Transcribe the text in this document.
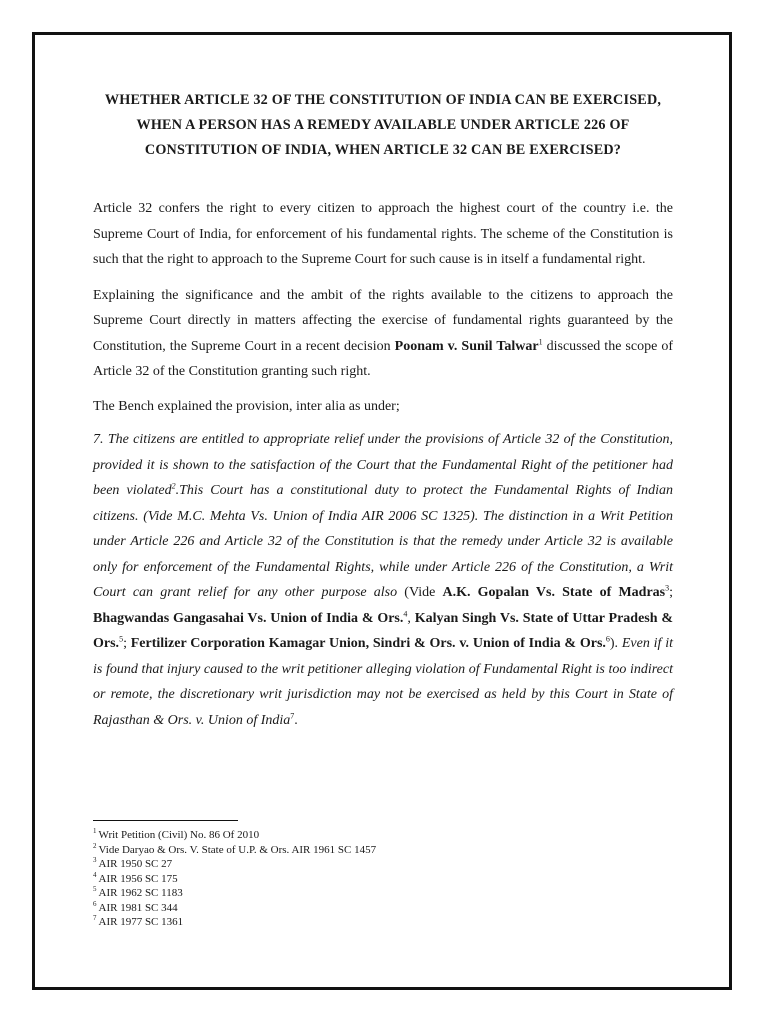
WHETHER ARTICLE 32 OF THE CONSTITUTION OF INDIA CAN BE EXERCISED, WHEN A PERSON HAS A REMEDY AVAILABLE UNDER ARTICLE 226 OF CONSTITUTION OF INDIA, WHEN ARTICLE 32 CAN BE EXERCISED?

Article 32 confers the right to every citizen to approach the highest court of the country i.e. the Supreme Court of India, for enforcement of his fundamental rights. The scheme of the Constitution is such that the right to approach to the Supreme Court for such cause is in itself a fundamental right.

Explaining the significance and the ambit of the rights available to the citizens to approach the Supreme Court directly in matters affecting the exercise of fundamental rights guaranteed by the Constitution, the Supreme Court in a recent decision Poonam v. Sunil Talwar$^1$ discussed the scope of Article 32 of the Constitution granting such right.

The Bench explained the provision, inter alia as under;

7. The citizens are entitled to appropriate relief under the provisions of Article 32 of the Constitution, provided it is shown to the satisfaction of the Court that the Fundamental Right of the petitioner had been violated$^2$.This Court has a constitutional duty to protect the Fundamental Rights of Indian citizens. (Vide M.C. Mehta Vs. Union of India AIR 2006 SC 1325). The distinction in a Writ Petition under Article 226 and Article 32 of the Constitution is that the remedy under Article 32 is available only for enforcement of the Fundamental Rights, while under Article 226 of the Constitution, a Writ Court can grant relief for any other purpose also (Vide A.K. Gopalan Vs. State of Madras$^3$; Bhagwandas Gangasahai Vs. Union of India & Ors.$^4$, Kalyan Singh Vs. State of Uttar Pradesh & Ors.$^5$; Fertilizer Corporation Kamagar Union, Sindri & Ors. v. Union of India & Ors.$^6$). Even if it is found that injury caused to the writ petitioner alleging violation of Fundamental Right is too indirect or remote, the discretionary writ jurisdiction may not be exercised as held by this Court in State of Rajasthan & Ors. v. Union of India$^7$.

$^1$ Writ Petition (Civil) No. 86 Of 2010

$^2$ Vide Daryao & Ors. V. State of U.P. & Ors. AIR 1961 SC 1457

$^3$ AIR 1950 SC 27

$^4$ AIR 1956 SC 175

$^5$ AIR 1962 SC 1183

$^6$ AIR 1981 SC 344

$^7$ AIR 1977 SC 1361
